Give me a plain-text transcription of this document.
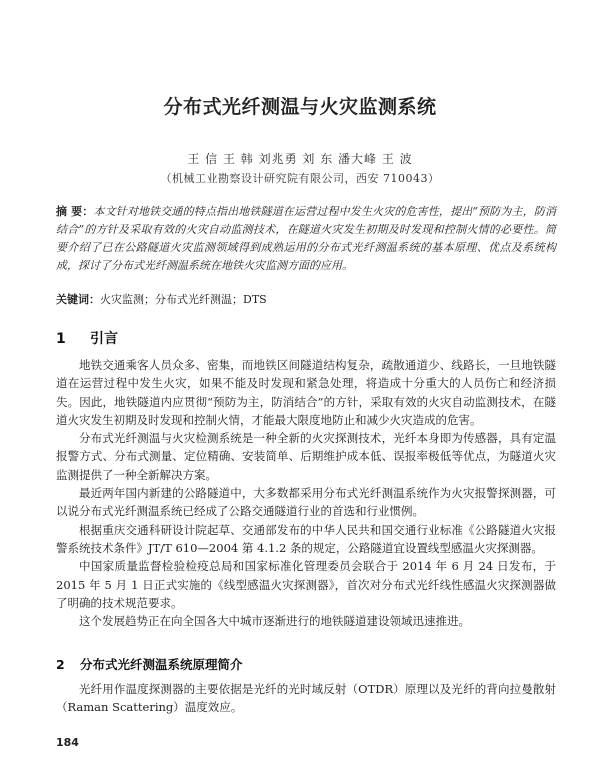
分布式光纤测温与火灾监测系统
王 信 王 韩 刘兆勇 刘 东 潘大峰 王 波
（机械工业勘察设计研究院有限公司，西安 710043）
摘 要：本文针对地铁交通的特点指出地铁隧道在运营过程中发生火灾的危害性，提出“预防为主，防消结合”的方针及采取有效的火灾自动监测技术，在隧道火灾发生初期及时发现和控制火情的必要性。简要介绍了已在公路隧道火灾监测领域得到成熟运用的分布式光纤测温系统的基本原理、优点及系统构成，探讨了分布式光纤测温系统在地铁火灾监测方面的应用。
关键词：火灾监测；分布式光纤测温；DTS
1 引言

地铁交通乘客人员众多、密集，而地铁区间隧道结构复杂，疏散通道少、线路长，一旦地铁隧道在运营过程中发生火灾，如果不能及时发现和紧急处理，将造成十分重大的人员伤亡和经济损失。因此，地铁隧道内应贯彻“预防为主，防消结合”的方针，采取有效的火灾自动监测技术，在隧道火灾发生初期及时发现和控制火情，才能最大限度地防止和减少火灾造成的危害。

分布式光纤测温与火灾检测系统是一种全新的火灾探测技术，光纤本身即为传感器，具有定温报警方式、分布式测量、定位精确、安装简单、后期维护成本低、误报率极低等优点，为隧道火灾监测提供了一种全新解决方案。

最近两年国内新建的公路隧道中，大多数都采用分布式光纤测温系统作为火灾报警探测器，可以说分布式光纤测温系统已经成了公路交通隧道行业的首选和行业惯例。

根据重庆交通科研设计院起草、交通部发布的中华人民共和国交通行业标准《公路隧道火灾报警系统技术条件》JT/T 610—2004 第 4.1.2 条的规定，公路隧道宜设置线型感温火灾探测器。

中国家质量监督检验检疫总局和国家标准化管理委员会联合于 2014 年 6 月 24 日发布，于 2015 年 5 月 1 日正式实施的《线型感温火灾探测器》，首次对分布式光纤线性感温火灾探测器做了明确的技术规范要求。

这个发展趋势正在向全国各大中城市逐渐进行的地铁隧道建设领域迅速推进。

2 分布式光纤测温系统原理简介

光纤用作温度探测器的主要依据是光纤的光时域反射（OTDR）原理以及光纤的背向拉曼散射（Raman Scattering）温度效应。

184
